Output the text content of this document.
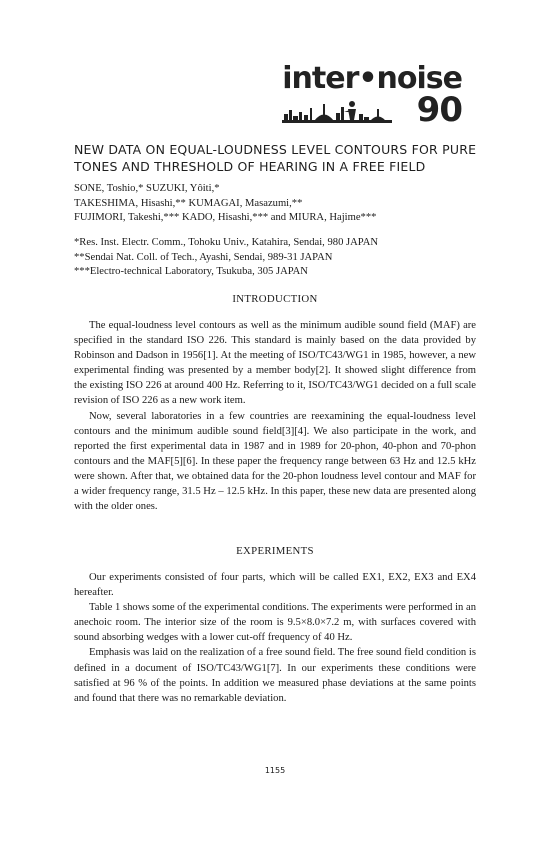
inter•noise
90
NEW DATA ON EQUAL-LOUDNESS LEVEL CONTOURS FOR PURE TONES AND THRESHOLD OF HEARING IN A FREE FIELD
SONE, Toshio,* SUZUKI, Yôiti,*
TAKESHIMA, Hisashi,** KUMAGAI, Masazumi,**
FUJIMORI, Takeshi,*** KADO, Hisashi,*** and MIURA, Hajime***
*Res. Inst. Electr. Comm., Tohoku Univ., Katahira, Sendai, 980 JAPAN
**Sendai Nat. Coll. of Tech., Ayashi, Sendai, 989-31 JAPAN
***Electro-technical Laboratory, Tsukuba, 305 JAPAN
INTRODUCTION

The equal-loudness level contours as well as the minimum audible sound field (MAF) are specified in the standard ISO 226. This standard is mainly based on the data provided by Robinson and Dadson in 1956[1]. At the meeting of ISO/TC43/WG1 in 1985, however, a new experimental finding was presented by a member body[2]. It showed slight difference from the existing ISO 226 at around 400 Hz. Referring to it, ISO/TC43/WG1 decided on a full scale revision of ISO 226 as a new work item.

Now, several laboratories in a few countries are reexamining the equal-loudness level contours and the minimum audible sound field[3][4]. We also participate in the work, and reported the first experimental data in 1987 and in 1989 for 20-phon, 40-phon and 70-phon contours and the MAF[5][6]. In these paper the frequency range between 63 Hz and 12.5 kHz were shown. After that, we obtained data for the 20-phon loudness level contour and MAF for a wider frequency range, 31.5 Hz – 12.5 kHz. In this paper, these new data are presented along with the older ones.

EXPERIMENTS

Our experiments consisted of four parts, which will be called EX1, EX2, EX3 and EX4 hereafter.

Table 1 shows some of the experimental conditions. The experiments were performed in an anechoic room. The interior size of the room is 9.5×8.0×7.2 m, with surfaces covered with sound absorbing wedges with a lower cut-off frequency of 40 Hz.

Emphasis was laid on the realization of a free sound field. The free sound field condition is defined in a document of ISO/TC43/WG1[7]. In our experiments these conditions were satisfied at 96 % of the points. In addition we measured phase deviations at the same points and found that there was no remarkable deviation.

1155
